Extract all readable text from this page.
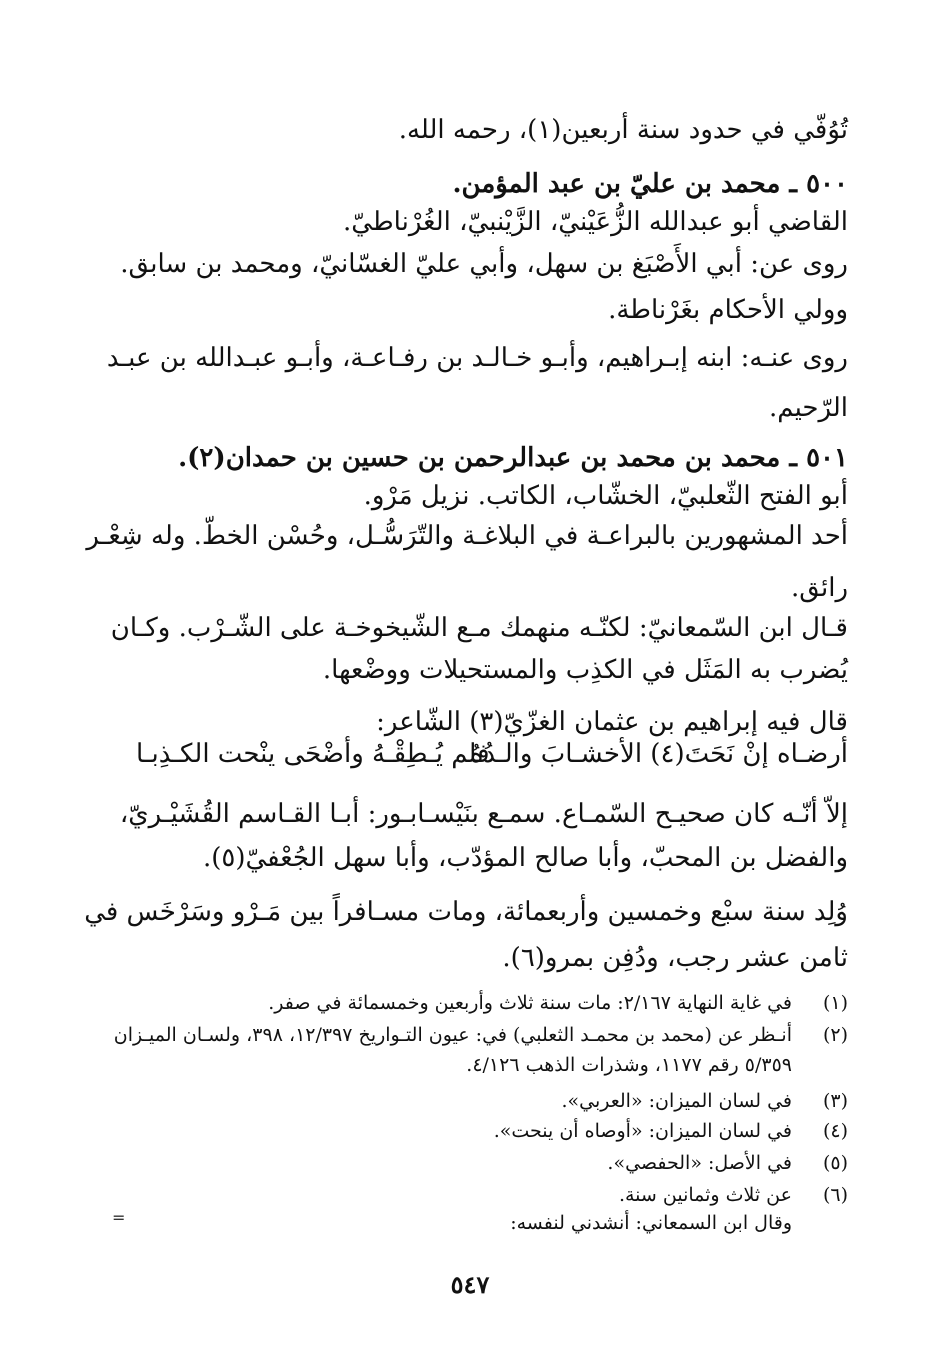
تُوُفّي في حدود سنة أربعين(١)، رحمه الله.
٥٠٠ ـ محمد بن عليّ بن عبد المؤمن.
القاضي أبو عبدالله الزُّعَيْنيّ، الزَّيْنبيّ، الغُرْناطيّ.
روى عن: أبي الأَصْبَغ بن سهل، وأبي عليّ الغسّانيّ، ومحمد بن سابق.
وولي الأحكام بغَرْناطة.
روى عنـه: ابنه إبـراهيم، وأبـو خـالـد بن رفـاعـة، وأبـو عبـدالله بن عبـد
الرّحيم.
٥٠١ ـ محمد بن محمد بن عبدالرحمن بن حسين بن حمدان(٢).
أبو الفتح الثّعلبيّ، الخشّاب، الكاتب. نزيل مَرْو.
أحد المشهورين بالبراعـة في البلاغـة والتّرَسُّـل، وحُسْن الخطّ. وله شِعْـر
رائق.
قـال ابن السّمعانيّ: لكنّـه منهمك مـع الشّيخوخـة على الشّـرْب. وكـان
يُضرب به المَثَل في الكذِب والمستحيلات ووضْعها.
قال فيه إبراهيم بن عثمان الغزّيّ(٣) الشّاعر:
أرضـاه إنْ نَحَتَ(٤) الأخشـابَ والـدُهُ
فلم يُـطِقْـهُ وأضْحَى ينْحت الكـذِبـا
إلاّ أنّـه كان صحيـح السّمـاع. سمـع بنَيْسـابـور: أبـا القـاسم القُشَيْـريّ،
والفضل بن المحبّ، وأبا صالح المؤدّب، وأبا سهل الجُعْفيّ(٥).
وُلِد سنة سبْع وخمسين وأربعمائة، ومات مسـافراً بين مَـرْو وسَرْخَس في
ثامن عشر رجب، ودُفِن بمرو(٦).
(١)
في غاية النهاية ٢/١٦٧: مات سنة ثلاث وأربعين وخمسمائة في صفر.
(٢)
أنـظر عن (محمد بن محمـد الثعلبي) في: عيون التـواريخ ١٢/٣٩٧، ٣٩٨، ولسـان الميـزان
٥/٣٥٩ رقم ١١٧٧، وشذرات الذهب ٤/١٢٦.
(٣)
في لسان الميزان: «العربي».
(٤)
في لسان الميزان: «أوصاه أن ينحت».
(٥)
في الأصل: «الحفصي».
(٦)
عن ثلاث وثمانين سنة.
وقال ابن السمعاني: أنشدني لنفسه:
٥٤٧
=
